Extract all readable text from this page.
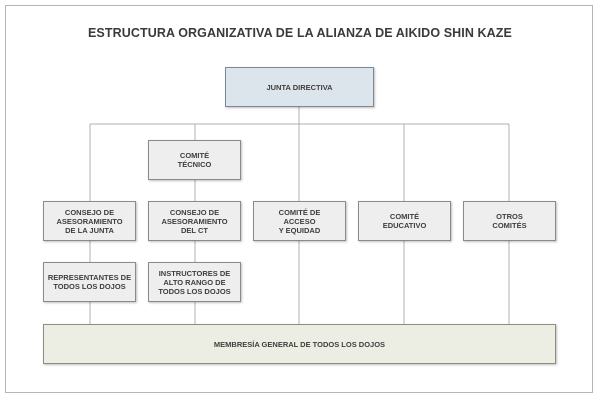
ESTRUCTURA ORGANIZATIVA DE LA ALIANZA DE AIKIDO SHIN KAZE
JUNTA DIRECTIVA
COMITÉ
TÉCNICO
CONSEJO DE
ASESORAMIENTO
DE LA JUNTA
CONSEJO DE
ASESORAMIENTO
DEL CT
COMITÉ DE
ACCESO
Y EQUIDAD
COMITÉ
EDUCATIVO
OTROS
COMITÉS
REPRESENTANTES DE
TODOS LOS DOJOS
INSTRUCTORES DE
ALTO RANGO DE
TODOS LOS DOJOS
MEMBRESÍA GENERAL DE TODOS LOS DOJOS
